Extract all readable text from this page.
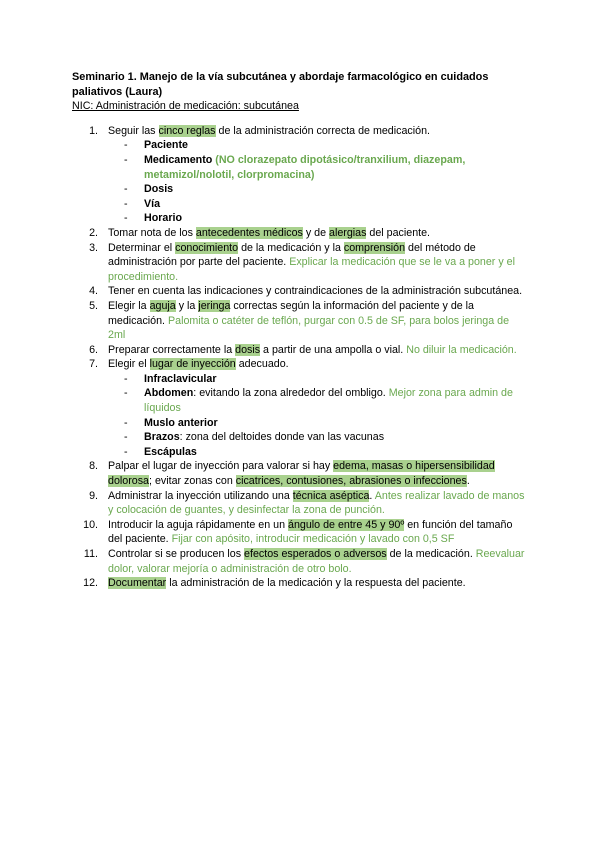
Seminario 1. Manejo de la vía subcutánea y abordaje farmacológico en cuidados paliativos (Laura)
NIC: Administración de medicación: subcutánea
1. Seguir las cinco reglas de la administración correcta de medicación.
- Paciente
- Medicamento (NO clorazepato dipotásico/tranxilium, diazepam, metamizol/nolotil, clorpromacina)
- Dosis
- Vía
- Horario
2. Tomar nota de los antecedentes médicos y de alergias del paciente.
3. Determinar el conocimiento de la medicación y la comprensión del método de administración por parte del paciente. Explicar la medicación que se le va a poner y el procedimiento.
4. Tener en cuenta las indicaciones y contraindicaciones de la administración subcutánea.
5. Elegir la aguja y la jeringa correctas según la información del paciente y de la medicación. Palomita o catéter de teflón, purgar con 0.5 de SF, para bolos jeringa de 2ml
6. Preparar correctamente la dosis a partir de una ampolla o vial. No diluir la medicación.
7. Elegir el lugar de inyección adecuado.
- Infraclavicular
- Abdomen: evitando la zona alrededor del ombligo. Mejor zona para admin de líquidos
- Muslo anterior
- Brazos: zona del deltoides donde van las vacunas
- Escápulas
8. Palpar el lugar de inyección para valorar si hay edema, masas o hipersensibilidad dolorosa; evitar zonas con cicatrices, contusiones, abrasiones o infecciones.
9. Administrar la inyección utilizando una técnica aséptica. Antes realizar lavado de manos y colocación de guantes, y desinfectar la zona de punción.
10. Introducir la aguja rápidamente en un ángulo de entre 45 y 90º en función del tamaño del paciente. Fijar con apósito, introducir medicación y lavado con 0,5 SF
11. Controlar si se producen los efectos esperados o adversos de la medicación. Reevaluar dolor, valorar mejoría o administración de otro bolo.
12. Documentar la administración de la medicación y la respuesta del paciente.
